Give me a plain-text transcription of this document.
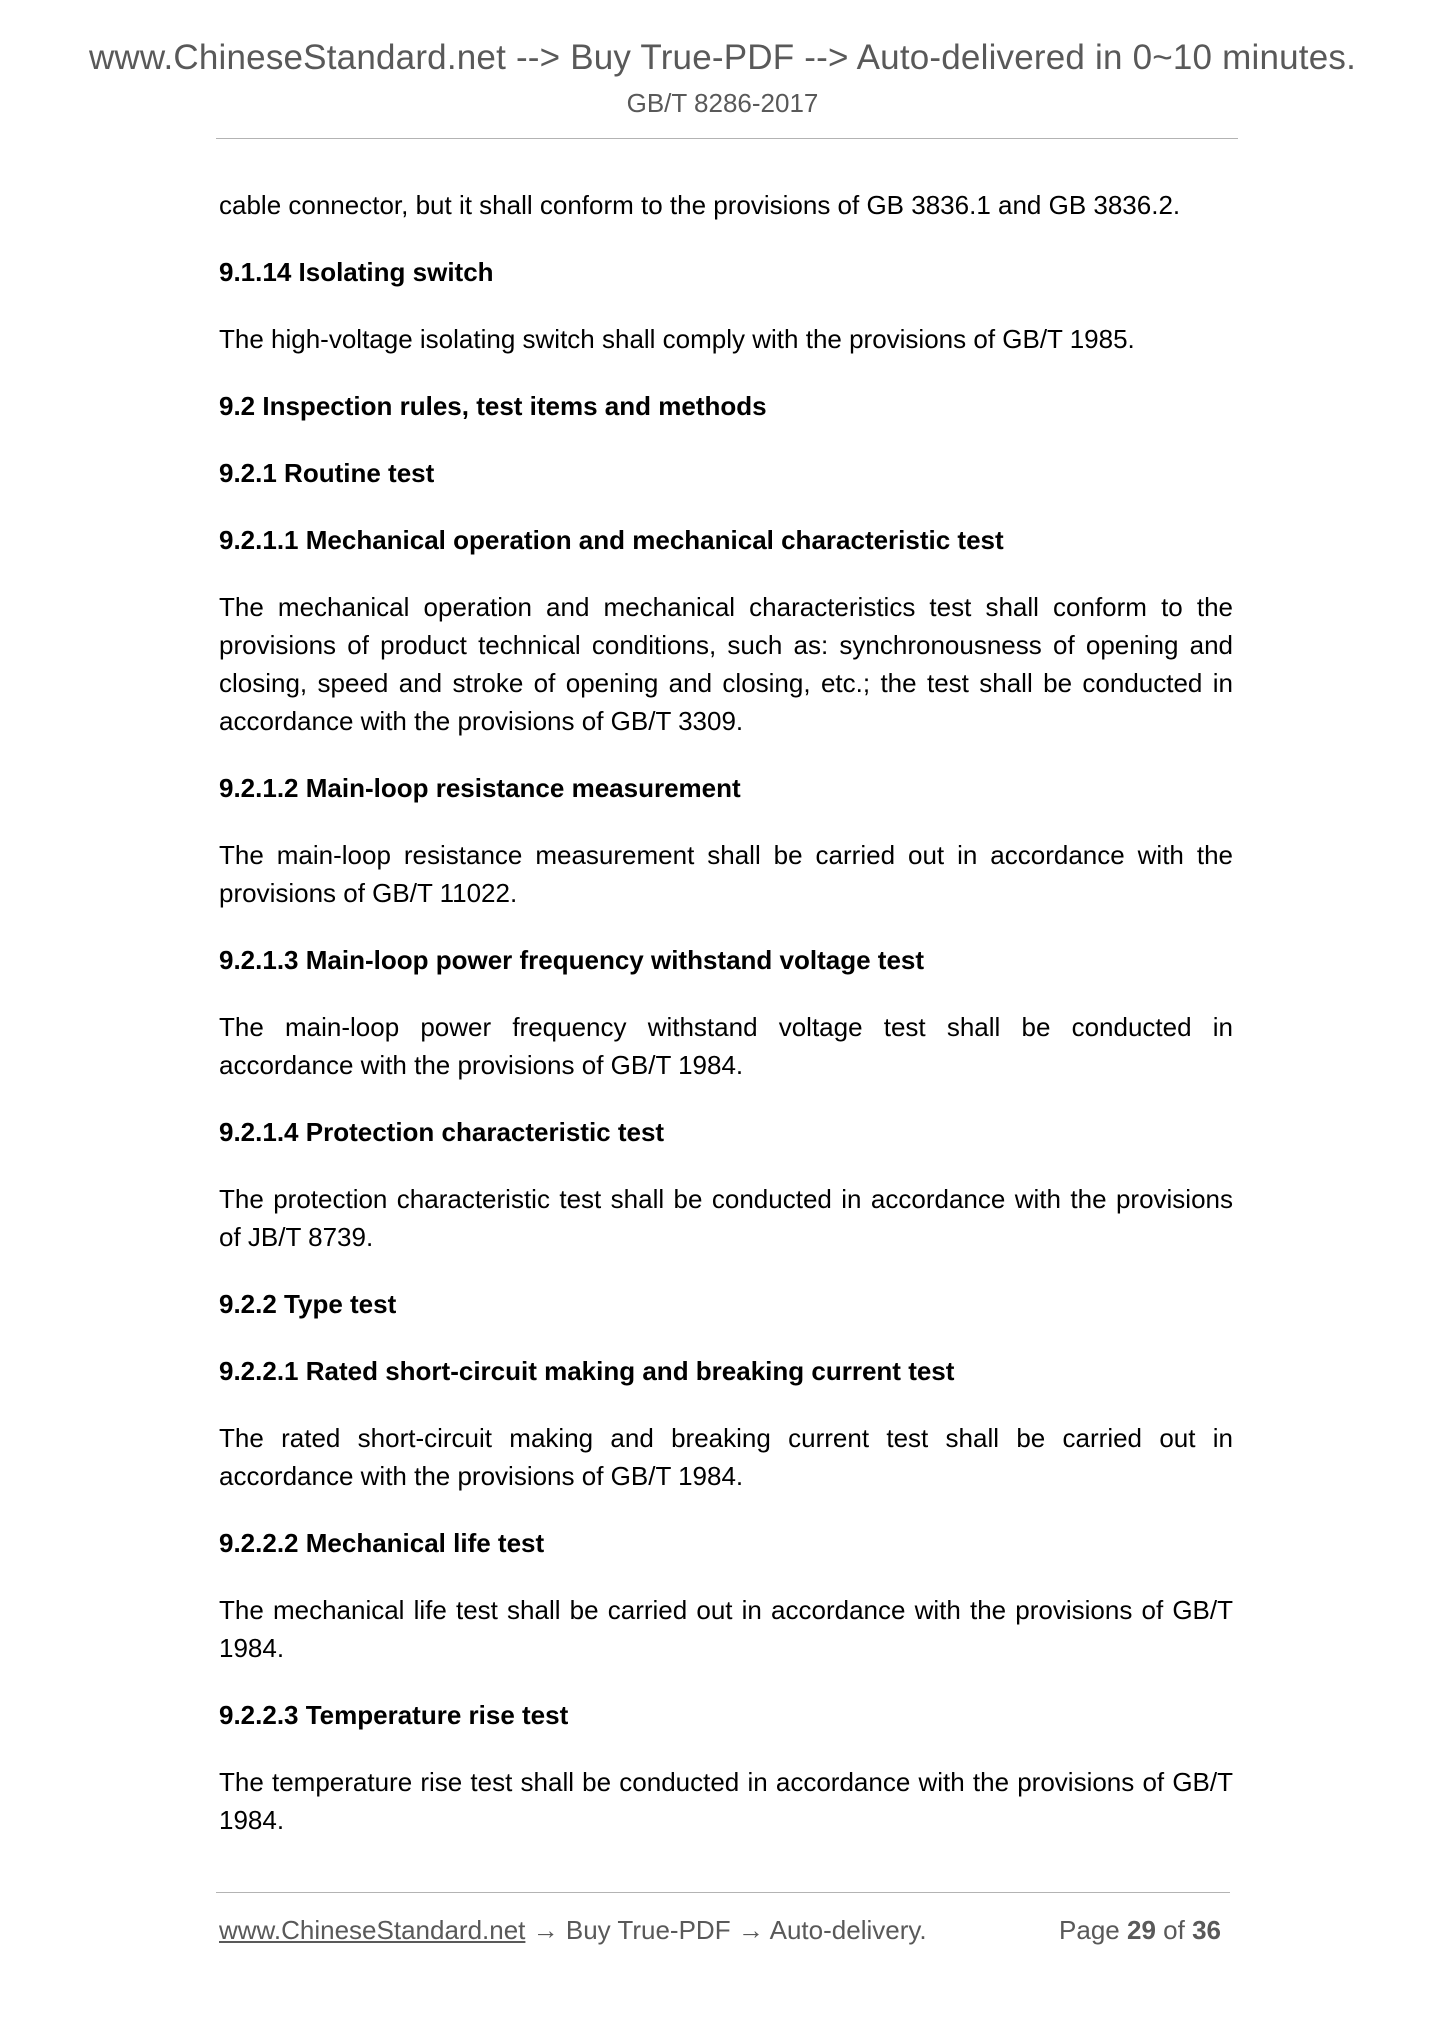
www.ChineseStandard.net --> Buy True-PDF --> Auto-delivered in 0~10 minutes.
GB/T 8286-2017

cable connector, but it shall conform to the provisions of GB 3836.1 and GB 3836.2.

9.1.14 Isolating switch

The high-voltage isolating switch shall comply with the provisions of GB/T 1985.

9.2 Inspection rules, test items and methods
9.2.1 Routine test
9.2.1.1 Mechanical operation and mechanical characteristic test

The mechanical operation and mechanical characteristics test shall conform to the provisions of product technical conditions, such as: synchronousness of opening and closing, speed and stroke of opening and closing, etc.; the test shall be conducted in accordance with the provisions of GB/T 3309.

9.2.1.2 Main-loop resistance measurement

The main-loop resistance measurement shall be carried out in accordance with the provisions of GB/T 11022.

9.2.1.3 Main-loop power frequency withstand voltage test

The main-loop power frequency withstand voltage test shall be conducted in accordance with the provisions of GB/T 1984.

9.2.1.4 Protection characteristic test

The protection characteristic test shall be conducted in accordance with the provisions of JB/T 8739.

9.2.2 Type test
9.2.2.1 Rated short-circuit making and breaking current test

The rated short-circuit making and breaking current test shall be carried out in accordance with the provisions of GB/T 1984.

9.2.2.2 Mechanical life test

The mechanical life test shall be carried out in accordance with the provisions of GB/T 1984.

9.2.2.3 Temperature rise test

The temperature rise test shall be conducted in accordance with the provisions of GB/T 1984.

www.ChineseStandard.net → Buy True-PDF → Auto-delivery.	Page 29 of 36
